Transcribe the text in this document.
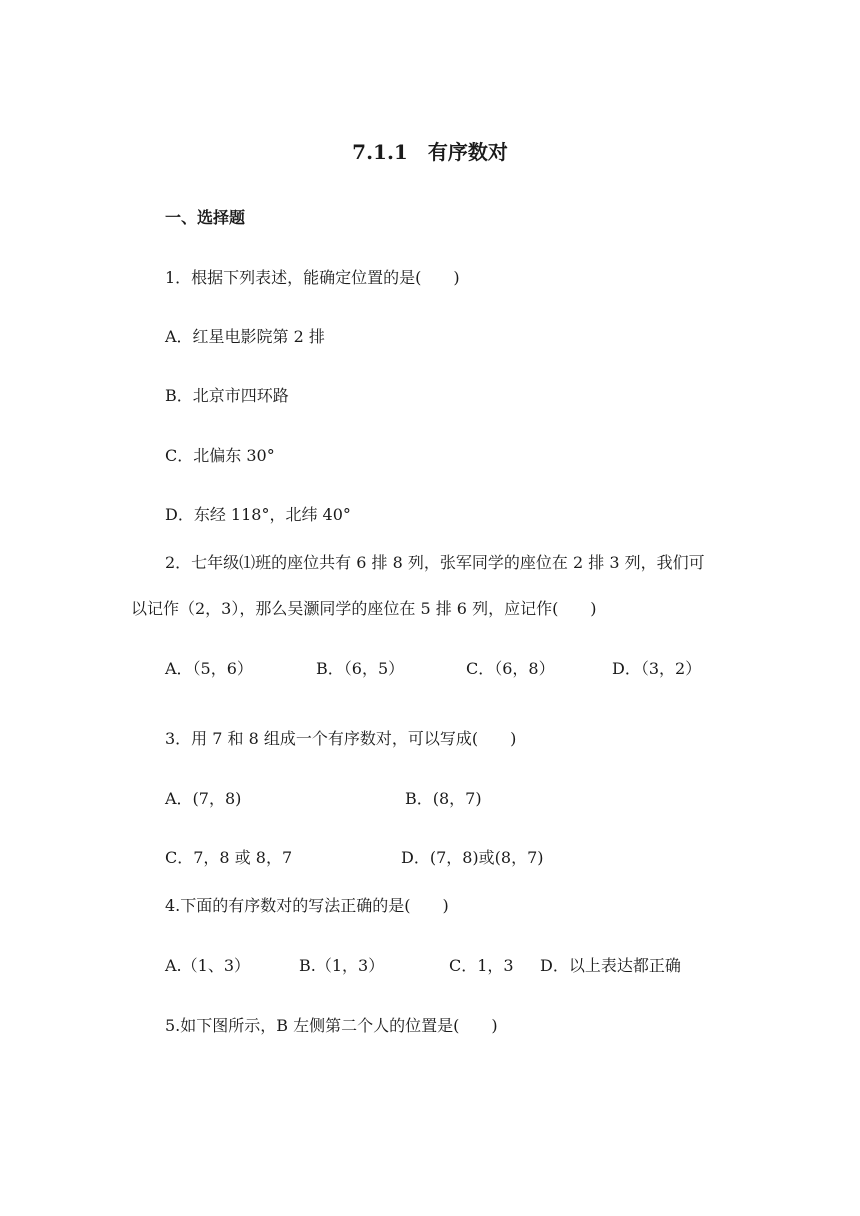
7.1.1　有序数对
一、选择题
1．根据下列表述，能确定位置的是(　　)
A．红星电影院第 2 排
B．北京市四环路
C．北偏东 30°
D．东经 118°，北纬 40°
2．七年级⑴班的座位共有 6 排 8 列，张军同学的座位在 2 排 3 列，我们可
以记作（2，3），那么吴灏同学的座位在 5 排 6 列，应记作(　　)
A．（5，6）	B．（6，5）	C．（6，8）	D．（3，2）
3．用 7 和 8 组成一个有序数对，可以写成(　　)
A．(7，8)	B．(8，7)
C．7，8 或 8，7	D．(7，8)或(8，7)
4.下面的有序数对的写法正确的是(　　)
A.（1、3）	B.（1，3）	C．1，3 D．以上表达都正确
5.如下图所示，B 左侧第二个人的位置是(　　)
